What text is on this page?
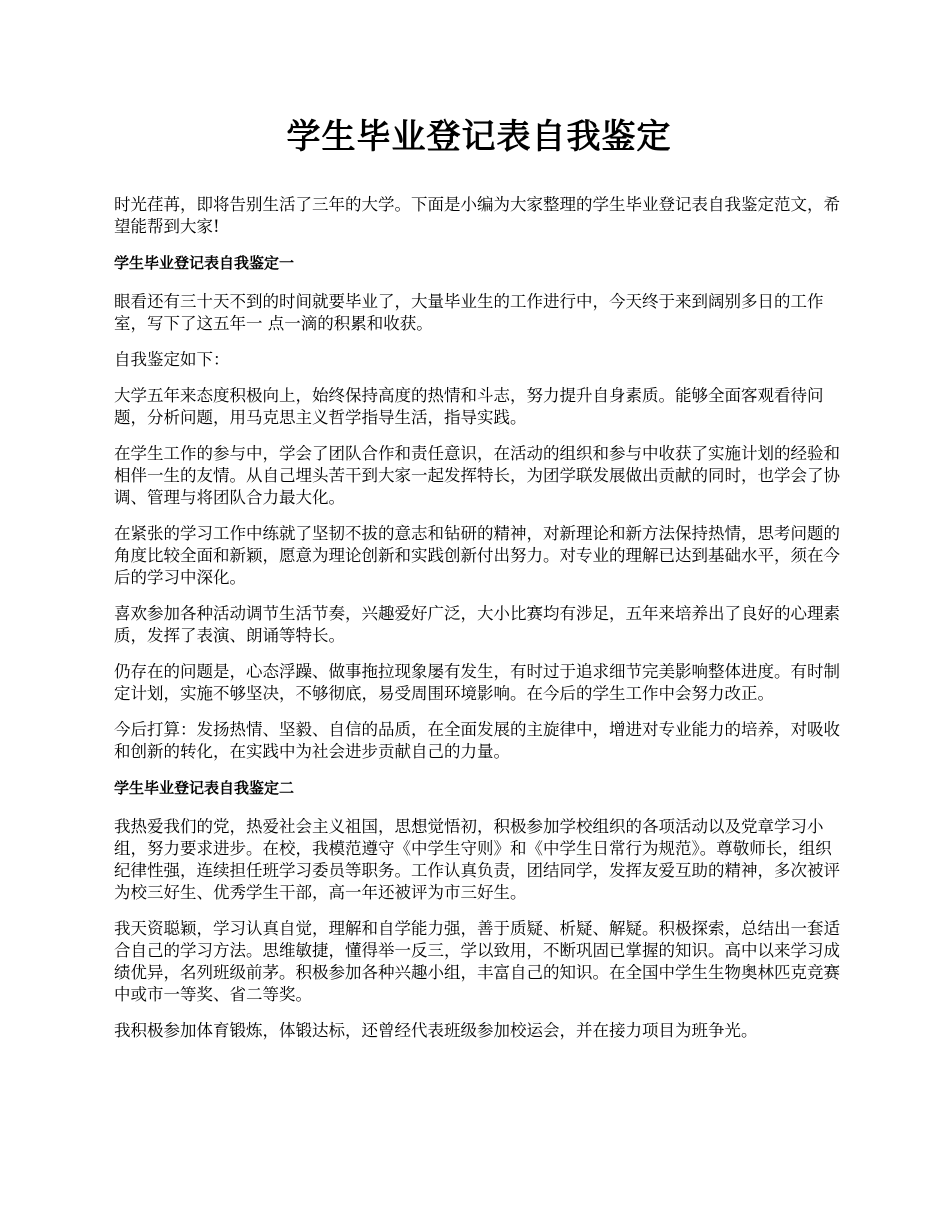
学生毕业登记表自我鉴定

时光荏苒，即将告别生活了三年的大学。下面是小编为大家整理的学生毕业登记表自我鉴定范文，希望能帮到大家!

学生毕业登记表自我鉴定一

眼看还有三十天不到的时间就要毕业了，大量毕业生的工作进行中，今天终于来到阔别多日的工作室，写下了这五年一 点一滴的积累和收获。

自我鉴定如下：

大学五年来态度积极向上，始终保持高度的热情和斗志，努力提升自身素质。能够全面客观看待问题，分析问题，用马克思主义哲学指导生活，指导实践。

在学生工作的参与中，学会了团队合作和责任意识，在活动的组织和参与中收获了实施计划的经验和相伴一生的友情。从自己埋头苦干到大家一起发挥特长，为团学联发展做出贡献的同时，也学会了协调、管理与将团队合力最大化。

在紧张的学习工作中练就了坚韧不拔的意志和钻研的精神，对新理论和新方法保持热情，思考问题的角度比较全面和新颖，愿意为理论创新和实践创新付出努力。对专业的理解已达到基础水平，须在今后的学习中深化。

喜欢参加各种活动调节生活节奏，兴趣爱好广泛，大小比赛均有涉足，五年来培养出了良好的心理素质，发挥了表演、朗诵等特长。

仍存在的问题是，心态浮躁、做事拖拉现象屡有发生，有时过于追求细节完美影响整体进度。有时制定计划，实施不够坚决，不够彻底，易受周围环境影响。在今后的学生工作中会努力改正。

今后打算：发扬热情、坚毅、自信的品质，在全面发展的主旋律中，增进对专业能力的培养，对吸收和创新的转化，在实践中为社会进步贡献自己的力量。

学生毕业登记表自我鉴定二

我热爱我们的党，热爱社会主义祖国，思想觉悟初，积极参加学校组织的各项活动以及党章学习小组，努力要求进步。在校，我模范遵守《中学生守则》和《中学生日常行为规范》。尊敬师长，组织纪律性强，连续担任班学习委员等职务。工作认真负责，团结同学，发挥友爱互助的精神，多次被评为校三好生、优秀学生干部，高一年还被评为市三好生。

我天资聪颖，学习认真自觉，理解和自学能力强，善于质疑、析疑、解疑。积极探索，总结出一套适合自己的学习方法。思维敏捷，懂得举一反三，学以致用，不断巩固已掌握的知识。高中以来学习成绩优异，名列班级前茅。积极参加各种兴趣小组，丰富自己的知识。在全国中学生生物奥林匹克竞赛中或市一等奖、省二等奖。

我积极参加体育锻炼，体锻达标，还曾经代表班级参加校运会，并在接力项目为班争光。
